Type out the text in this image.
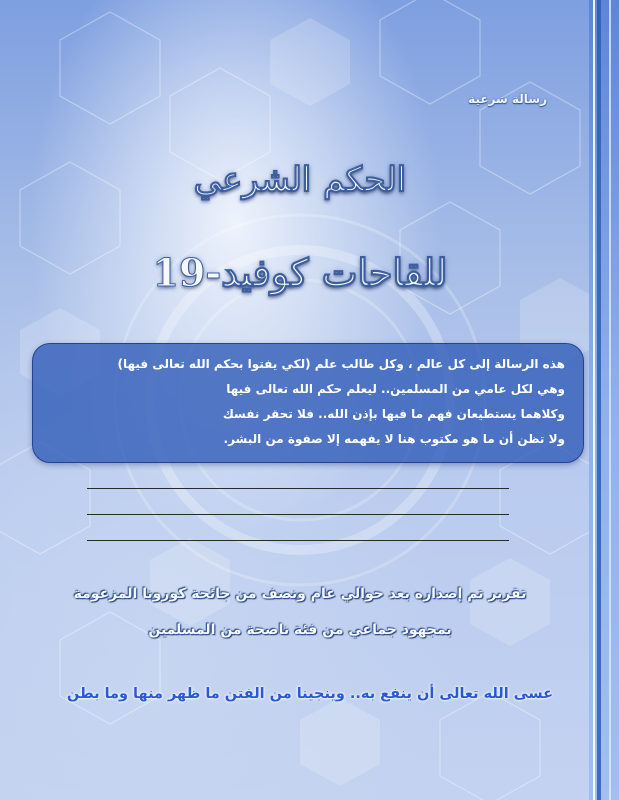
رسالة شرعية
الحكم الشرعي
للقاحات كوفيد-19
هذه الرسالة إلى كل عالم ، وكل طالب علم (لكي يفتوا بحكم الله تعالى فيها)
وهي لكل عامي من المسلمين.. ليعلم حكم الله تعالى فيها
وكلاهما يستطيعان فهم ما فيها بإذن الله.. فلا تحقر نفسك
ولا تظن أن ما هو مكتوب هنا لا يفهمه إلا صفوة من البشر.
تقرير تم إصداره بعد حوالي عام ونصف من جائحة كورونا المزعومة
بمجهود جماعي من فئة ناصحة من المسلمين
عسى الله تعالى أن ينفع به.. وينجينا من الفتن ما ظهر منها وما بطن
